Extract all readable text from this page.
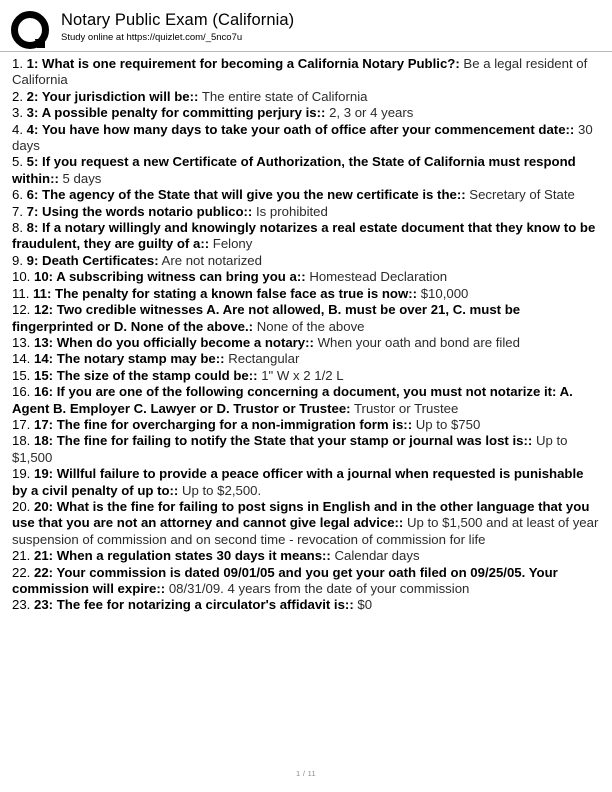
Notary Public Exam (California)
Study online at https://quizlet.com/_5nco7u
1. 1: What is one requirement for becoming a California Notary Public?: Be a legal resident of California
2. 2: Your jurisdiction will be:: The entire state of California
3. 3: A possible penalty for committing perjury is:: 2, 3 or 4 years
4. 4: You have how many days to take your oath of office after your commencement date:: 30 days
5. 5: If you request a new Certificate of Authorization, the State of California must respond within:: 5 days
6. 6: The agency of the State that will give you the new certificate is the:: Secretary of State
7. 7: Using the words notario publico:: Is prohibited
8. 8: If a notary willingly and knowingly notarizes a real estate document that they know to be fraudulent, they are guilty of a:: Felony
9. 9: Death Certificates: Are not notarized
10. 10: A subscribing witness can bring you a:: Homestead Declaration
11. 11: The penalty for stating a known false face as true is now:: $10,000
12. 12: Two credible witnesses A. Are not allowed, B. must be over 21, C. must be fingerprinted or D. None of the above.: None of the above
13. 13: When do you officially become a notary:: When your oath and bond are filed
14. 14: The notary stamp may be:: Rectangular
15. 15: The size of the stamp could be:: 1" W x 2 1/2 L
16. 16: If you are one of the following concerning a document, you must not notarize it: A. Agent B. Employer C. Lawyer or D. Trustor or Trustee: Trustor or Trustee
17. 17: The fine for overcharging for a non-immigration form is:: Up to $750
18. 18: The fine for failing to notify the State that your stamp or journal was lost is:: Up to $1,500
19. 19: Willful failure to provide a peace officer with a journal when requested is punishable by a civil penalty of up to:: Up to $2,500.
20. 20: What is the fine for failing to post signs in English and in the other language that you use that you are not an attorney and cannot give legal advice:: Up to $1,500 and at least of year suspension of commission and on second time - revocation of commission for life
21. 21: When a regulation states 30 days it means:: Calendar days
22. 22: Your commission is dated 09/01/05 and you get your oath filed on 09/25/05. Your commission will expire:: 08/31/09. 4 years from the date of your commission
23. 23: The fee for notarizing a circulator's affidavit is:: $0
1 / 11
